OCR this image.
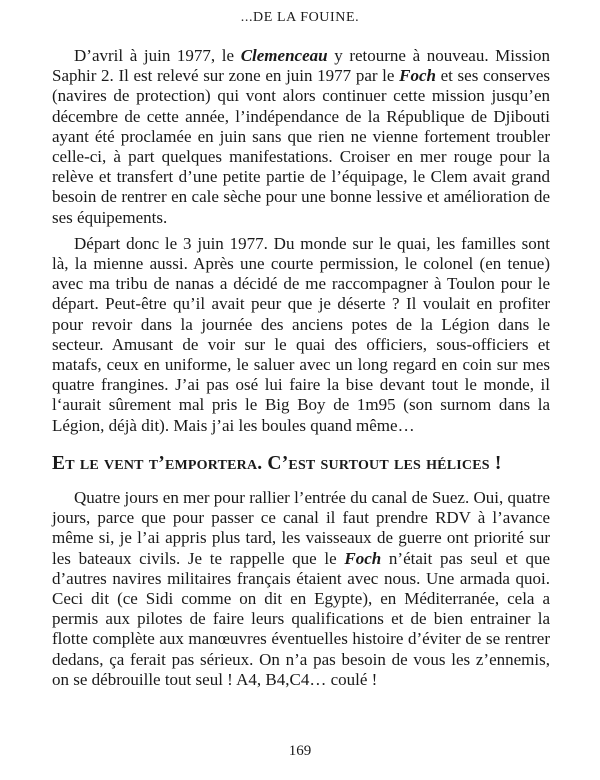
...DE LA FOUINE.

D’avril à juin 1977, le Clemenceau y retourne à nouveau. Mission Saphir 2. Il est relevé sur zone en juin 1977 par le Foch et ses conserves (navires de protection) qui vont alors continuer cette mission jusqu’en décembre de cette année, l’indépendance de la République de Djibouti ayant été proclamée en juin sans que rien ne vienne fortement troubler celle-ci, à part quelques manifestations. Croiser en mer rouge pour la relève et transfert d’une petite partie de l’équipage, le Clem avait grand besoin de rentrer en cale sèche pour une bonne lessive et amélioration de ses équipements.

Départ donc le 3 juin 1977. Du monde sur le quai, les familles sont là, la mienne aussi. Après une courte permission, le colonel (en tenue) avec ma tribu de nanas a décidé de me raccompagner à Toulon pour le départ. Peut-être qu’il avait peur que je déserte ? Il voulait en profiter pour revoir dans la journée des anciens potes de la Légion dans le secteur. Amusant de voir sur le quai des officiers, sous-officiers et matafs, ceux en uniforme, le saluer avec un long regard en coin sur mes quatre frangines. J’ai pas osé lui faire la bise devant tout le monde, il l‘aurait sûrement mal pris le Big Boy de 1m95 (son surnom dans la Légion, déjà dit). Mais j’ai les boules quand même…

Et le vent t’emportera. C’est surtout les hélices !

Quatre jours en mer pour rallier l’entrée du canal de Suez. Oui, quatre jours, parce que pour passer ce canal il faut prendre RDV à l’avance même si, je l’ai appris plus tard, les vaisseaux de guerre ont priorité sur les bateaux civils. Je te rappelle que le Foch n’était pas seul et que d’autres navires militaires français étaient avec nous. Une armada quoi. Ceci dit (ce Sidi comme on dit en Egypte), en Méditerranée, cela a permis aux pilotes de faire leurs qualifications et de bien entrainer la flotte complète aux manœuvres éventuelles histoire d’éviter de se rentrer dedans, ça ferait pas sérieux. On n’a pas besoin de vous les z’ennemis, on se débrouille tout seul ! A4, B4,C4… coulé !

169
